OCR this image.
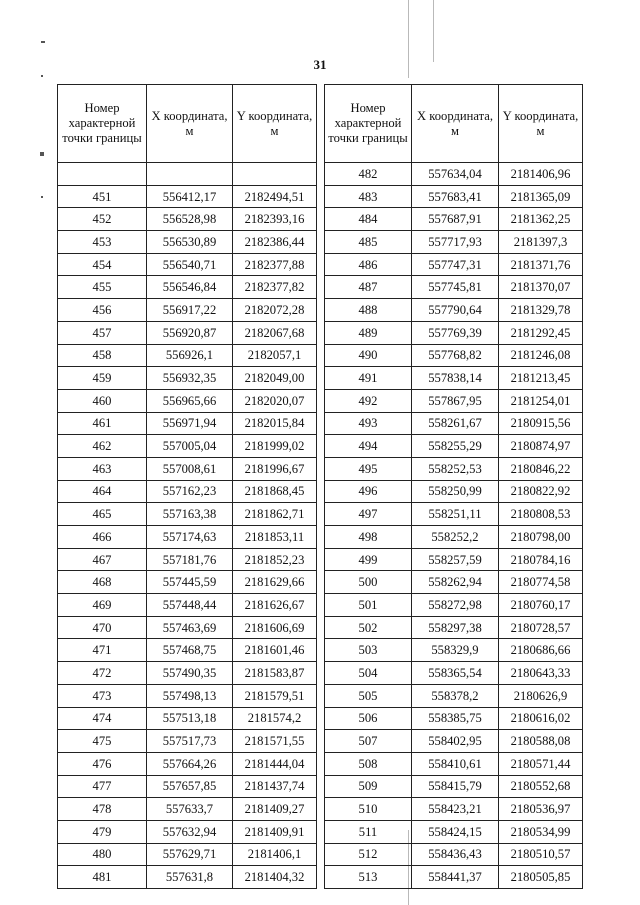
31
Номер характерной точки границы	X координата, м	Y координата, м

451	556412,17	2182494,51
452	556528,98	2182393,16
453	556530,89	2182386,44
454	556540,71	2182377,88
455	556546,84	2182377,82
456	556917,22	2182072,28
457	556920,87	2182067,68
458	556926,1	2182057,1
459	556932,35	2182049,00
460	556965,66	2182020,07
461	556971,94	2182015,84
462	557005,04	2181999,02
463	557008,61	2181996,67
464	557162,23	2181868,45
465	557163,38	2181862,71
466	557174,63	2181853,11
467	557181,76	2181852,23
468	557445,59	2181629,66
469	557448,44	2181626,67
470	557463,69	2181606,69
471	557468,75	2181601,46
472	557490,35	2181583,87
473	557498,13	2181579,51
474	557513,18	2181574,2
475	557517,73	2181571,55
476	557664,26	2181444,04
477	557657,85	2181437,74
478	557633,7	2181409,27
479	557632,94	2181409,91
480	557629,71	2181406,1
481	557631,8	2181404,32
Номер характерной точки границы	X координата, м	Y координата, м
482	557634,04	2181406,96
483	557683,41	2181365,09
484	557687,91	2181362,25
485	557717,93	2181397,3
486	557747,31	2181371,76
487	557745,81	2181370,07
488	557790,64	2181329,78
489	557769,39	2181292,45
490	557768,82	2181246,08
491	557838,14	2181213,45
492	557867,95	2181254,01
493	558261,67	2180915,56
494	558255,29	2180874,97
495	558252,53	2180846,22
496	558250,99	2180822,92
497	558251,11	2180808,53
498	558252,2	2180798,00
499	558257,59	2180784,16
500	558262,94	2180774,58
501	558272,98	2180760,17
502	558297,38	2180728,57
503	558329,9	2180686,66
504	558365,54	2180643,33
505	558378,2	2180626,9
506	558385,75	2180616,02
507	558402,95	2180588,08
508	558410,61	2180571,44
509	558415,79	2180552,68
510	558423,21	2180536,97
511	558424,15	2180534,99
512	558436,43	2180510,57
513	558441,37	2180505,85
